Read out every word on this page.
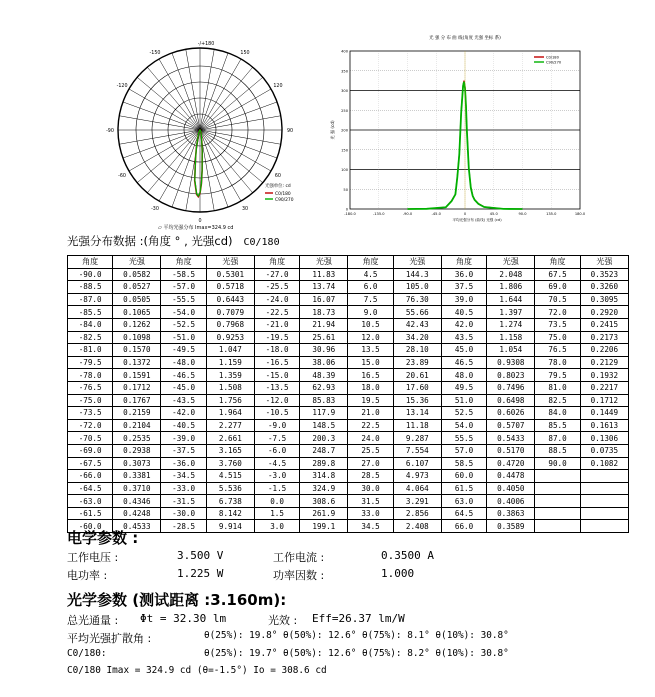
-150	150
-120	120
-90	90
-60	60
-30	30
0
-/+180
光强单位: cd
C0/180
C90/270
▱ 平均光强分布 Imax=324.9 cd
光 强 分 布 曲 线(角度 光强 坐标 系)
400
350
300
250
200
150
100
50
0
-180.0	-135.0	-90.0	-45.0	0	45.0	90.0	135.0	180.0
光 强 (cd)
平均光强分布 (曲线) 光强 (cd)
C0/180
C90/270
光强分布数据 :(角度 ° , 光强cd) C0/180
角度	光强	角度	光强	角度	光强	角度	光强	角度	光强	角度	光强
-90.0	0.0582	-58.5	0.5301	-27.0	11.83	4.5	144.3	36.0	2.048	67.5	0.3523
-88.5	0.0527	-57.0	0.5718	-25.5	13.74	6.0	105.0	37.5	1.806	69.0	0.3260
-87.0	0.0505	-55.5	0.6443	-24.0	16.07	7.5	76.30	39.0	1.644	70.5	0.3095
-85.5	0.1065	-54.0	0.7079	-22.5	18.73	9.0	55.66	40.5	1.397	72.0	0.2920
-84.0	0.1262	-52.5	0.7968	-21.0	21.94	10.5	42.43	42.0	1.274	73.5	0.2415
-82.5	0.1098	-51.0	0.9253	-19.5	25.61	12.0	34.20	43.5	1.158	75.0	0.2173
-81.0	0.1570	-49.5	1.047	-18.0	30.96	13.5	28.10	45.0	1.054	76.5	0.2206
-79.5	0.1372	-48.0	1.159	-16.5	38.06	15.0	23.89	46.5	0.9308	78.0	0.2129
-78.0	0.1591	-46.5	1.359	-15.0	48.39	16.5	20.61	48.0	0.8023	79.5	0.1932
-76.5	0.1712	-45.0	1.508	-13.5	62.93	18.0	17.60	49.5	0.7496	81.0	0.2217
-75.0	0.1767	-43.5	1.756	-12.0	85.83	19.5	15.36	51.0	0.6498	82.5	0.1712
-73.5	0.2159	-42.0	1.964	-10.5	117.9	21.0	13.14	52.5	0.6026	84.0	0.1449
-72.0	0.2104	-40.5	2.277	-9.0	148.5	22.5	11.18	54.0	0.5707	85.5	0.1613
-70.5	0.2535	-39.0	2.661	-7.5	200.3	24.0	9.287	55.5	0.5433	87.0	0.1306
-69.0	0.2938	-37.5	3.165	-6.0	248.7	25.5	7.554	57.0	0.5170	88.5	0.0735
-67.5	0.3073	-36.0	3.760	-4.5	289.8	27.0	6.107	58.5	0.4720	90.0	0.1082
-66.0	0.3381	-34.5	4.515	-3.0	314.8	28.5	4.973	60.0	0.4478		
-64.5	0.3710	-33.0	5.536	-1.5	324.9	30.0	4.064	61.5	0.4050		
-63.0	0.4346	-31.5	6.738	0.0	308.6	31.5	3.291	63.0	0.4006		
-61.5	0.4248	-30.0	8.142	1.5	261.9	33.0	2.856	64.5	0.3863		
-60.0	0.4533	-28.5	9.914	3.0	199.1	34.5	2.408	66.0	0.3589		
电学参数 :
工作电压 :	3.500 V	工作电流 :	0.3500 A
电功率 :	1.225 W	功率因数 :	1.000
光学参数 (测试距离 :3.160m):
总光通量 : Φt = 32.30 lm	光效 : Eff=26.37 lm/W
平均光强扩散角 :	θ(25%): 19.8° θ(50%): 12.6° θ(75%): 8.1° θ(10%): 30.8°
C0/180:	θ(25%): 19.7° θ(50%): 12.6° θ(75%): 8.2° θ(10%): 30.8°
C0/180 Imax = 324.9 cd (θ=-1.5°) Io = 308.6 cd
